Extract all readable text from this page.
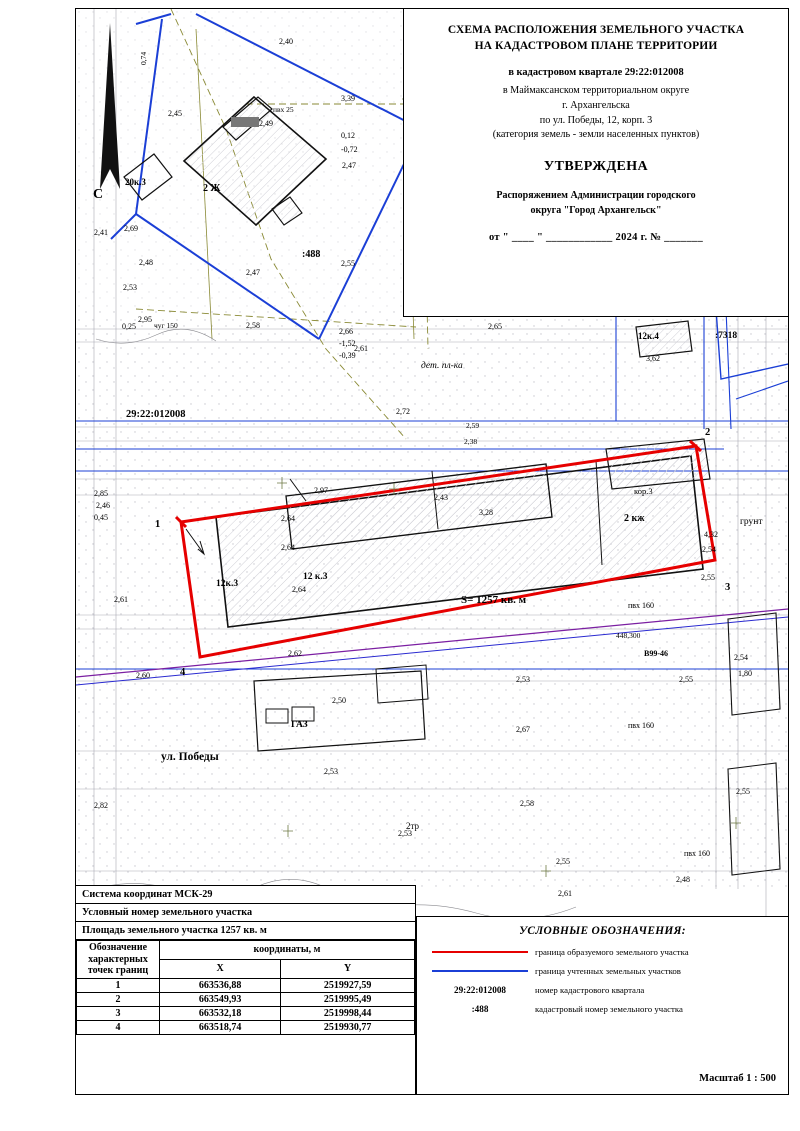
С	2 Ж
20к.3
:488
29:22:012008
:7318
12к.4
12к.3
12 к.3
2 кж
кор.3
S= 1257 кв. м
ул. Победы
ГАЗ
грунт
дет. пл-ка
2тр
1
2
3
4
2,40
2,45
2,49
3,39
0,12
-0,72
2,47
2,41 2,69
2,48
2,47
2,55
2,53
0,25
2,95
2,58
2,66
-1,52
-0,39
2,61
2,65
2,72
2,59
2,38
2,85
2,46
0,45	2,64
2,97
2,43
3,28
4,32
2,54
2,55
2,64
2,64
2,61
2,62
2,60
2,50
2,53
2,67
2,53
2,55
2,58
2,82
2,53
2,55
2,61
2,48
2,54
2,55
1,80
3,62
0,74
пвх 25
чуг 150
пвх 160
пвх 160
пвх 160
В99-46
448,300
СХЕМА РАСПОЛОЖЕНИЯ ЗЕМЕЛЬНОГО УЧАСТКА
НА КАДАСТРОВОМ ПЛАНЕ ТЕРРИТОРИИ
в кадастровом квартале 29:22:012008
в Маймаксанском территориальном округе
г. Архангельска
по ул. Победы, 12, корп. 3
(категория земель - земли населенных пунктов)
УТВЕРЖДЕНА
Распоряжением Администрации городского
округа "Город Архангельск"
от " ____ " ____________ 2024 г. № _______
Система координат МСК-29
Условный номер земельного участка
Площадь земельного участка 1257 кв. м
Обозначение характерных точек границ	координаты, м	
	X	Y
1	663536,88	2519927,59
2	663549,93	2519995,49
3	663532,18	2519998,44
4	663518,74	2519930,77
УСЛОВНЫЕ ОБОЗНАЧЕНИЯ:
граница образуемого земельного участка
граница учтенных земельных участков
29:22:012008	номер кадастрового квартала
:488	кадастровый номер земельного участка
Масштаб 1 : 500
